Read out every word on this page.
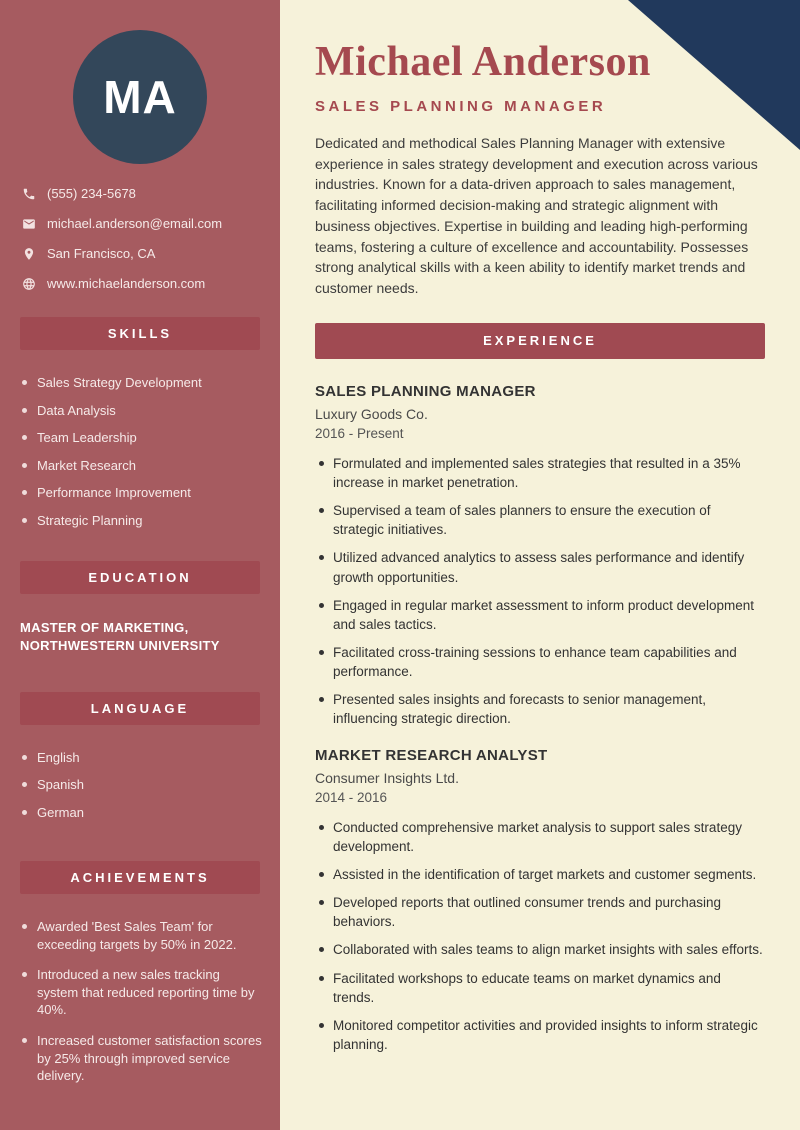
MA
(555) 234-5678
michael.anderson@email.com
San Francisco, CA
www.michaelanderson.com
SKILLS
Sales Strategy Development
Data Analysis
Team Leadership
Market Research
Performance Improvement
Strategic Planning
EDUCATION
MASTER OF MARKETING, NORTHWESTERN UNIVERSITY
LANGUAGE
English
Spanish
German
ACHIEVEMENTS
Awarded 'Best Sales Team' for exceeding targets by 50% in 2022.
Introduced a new sales tracking system that reduced reporting time by 40%.
Increased customer satisfaction scores by 25% through improved service delivery.
Michael Anderson
SALES PLANNING MANAGER

Dedicated and methodical Sales Planning Manager with extensive experience in sales strategy development and execution across various industries. Known for a data-driven approach to sales management, facilitating informed decision-making and strategic alignment with business objectives. Expertise in building and leading high-performing teams, fostering a culture of excellence and accountability. Possesses strong analytical skills with a keen ability to identify market trends and customer needs.

EXPERIENCE
SALES PLANNING MANAGER
Luxury Goods Co.
2016 - Present
Formulated and implemented sales strategies that resulted in a 35% increase in market penetration.
Supervised a team of sales planners to ensure the execution of strategic initiatives.
Utilized advanced analytics to assess sales performance and identify growth opportunities.
Engaged in regular market assessment to inform product development and sales tactics.
Facilitated cross-training sessions to enhance team capabilities and performance.
Presented sales insights and forecasts to senior management, influencing strategic direction.
MARKET RESEARCH ANALYST
Consumer Insights Ltd.
2014 - 2016
Conducted comprehensive market analysis to support sales strategy development.
Assisted in the identification of target markets and customer segments.
Developed reports that outlined consumer trends and purchasing behaviors.
Collaborated with sales teams to align market insights with sales efforts.
Facilitated workshops to educate teams on market dynamics and trends.
Monitored competitor activities and provided insights to inform strategic planning.
